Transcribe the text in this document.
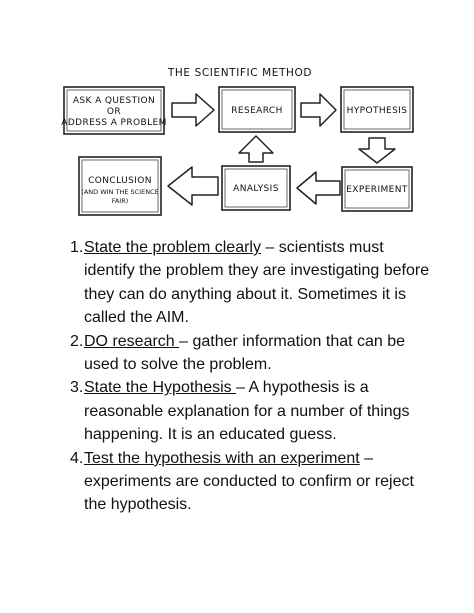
THE SCIENTIFIC METHOD
ASK A QUESTION
OR
ADDRESS A PROBLEM
RESEARCH	HYPOTHESIS
EXPERIMENT
ANALYSIS
CONCLUSION
(AND WIN THE SCIENCE
FAIR)
1. State the problem clearly – scientists must identify the problem they are investigating before they can do anything about it. Sometimes it is called the AIM.
2. DO research – gather information that can be used to solve the problem.
3. State the Hypothesis – A hypothesis is a reasonable explanation for a number of things happening. It is an educated guess.
4. Test the hypothesis with an experiment – experiments are conducted to confirm or reject the hypothesis.
